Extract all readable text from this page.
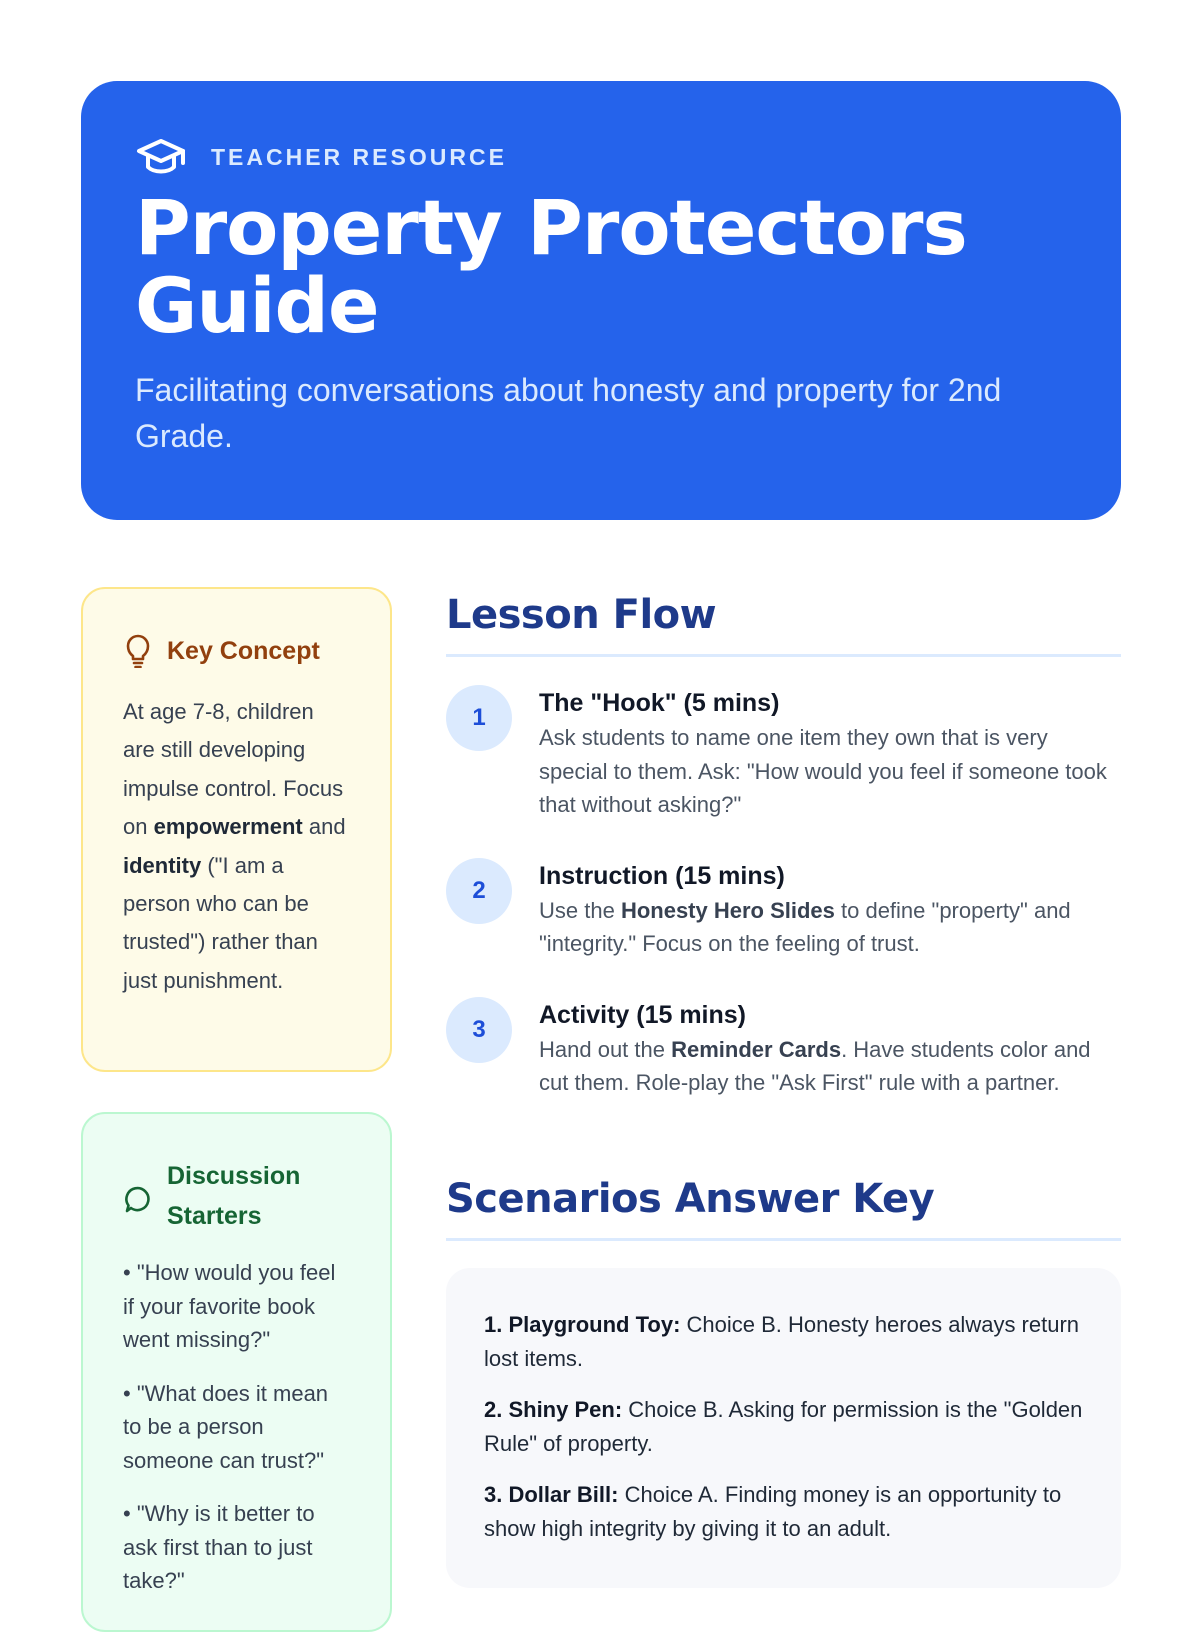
TEACHER RESOURCE
Property Protectors
Guide

Facilitating conversations about honesty and property for 2nd Grade.

Key Concept

At age 7-8, children are still developing impulse control. Focus on empowerment and identity ("I am a person who can be trusted") rather than just punishment.

Discussion Starters
• "How would you feel if your favorite book went missing?"
• "What does it mean to be a person someone can trust?"
• "Why is it better to ask first than to just take?"
Lesson Flow
1
The "Hook" (5 mins)
Ask students to name one item they own that is very special to them. Ask: "How would you feel if someone took that without asking?"
2
Instruction (15 mins)
Use the Honesty Hero Slides to define "property" and "integrity." Focus on the feeling of trust.
3
Activity (15 mins)
Hand out the Reminder Cards. Have students color and cut them. Role-play the "Ask First" rule with a partner.
Scenarios Answer Key

1. Playground Toy: Choice B. Honesty heroes always return lost items.

2. Shiny Pen: Choice B. Asking for permission is the "Golden Rule" of property.

3. Dollar Bill: Choice A. Finding money is an opportunity to show high integrity by giving it to an adult.
